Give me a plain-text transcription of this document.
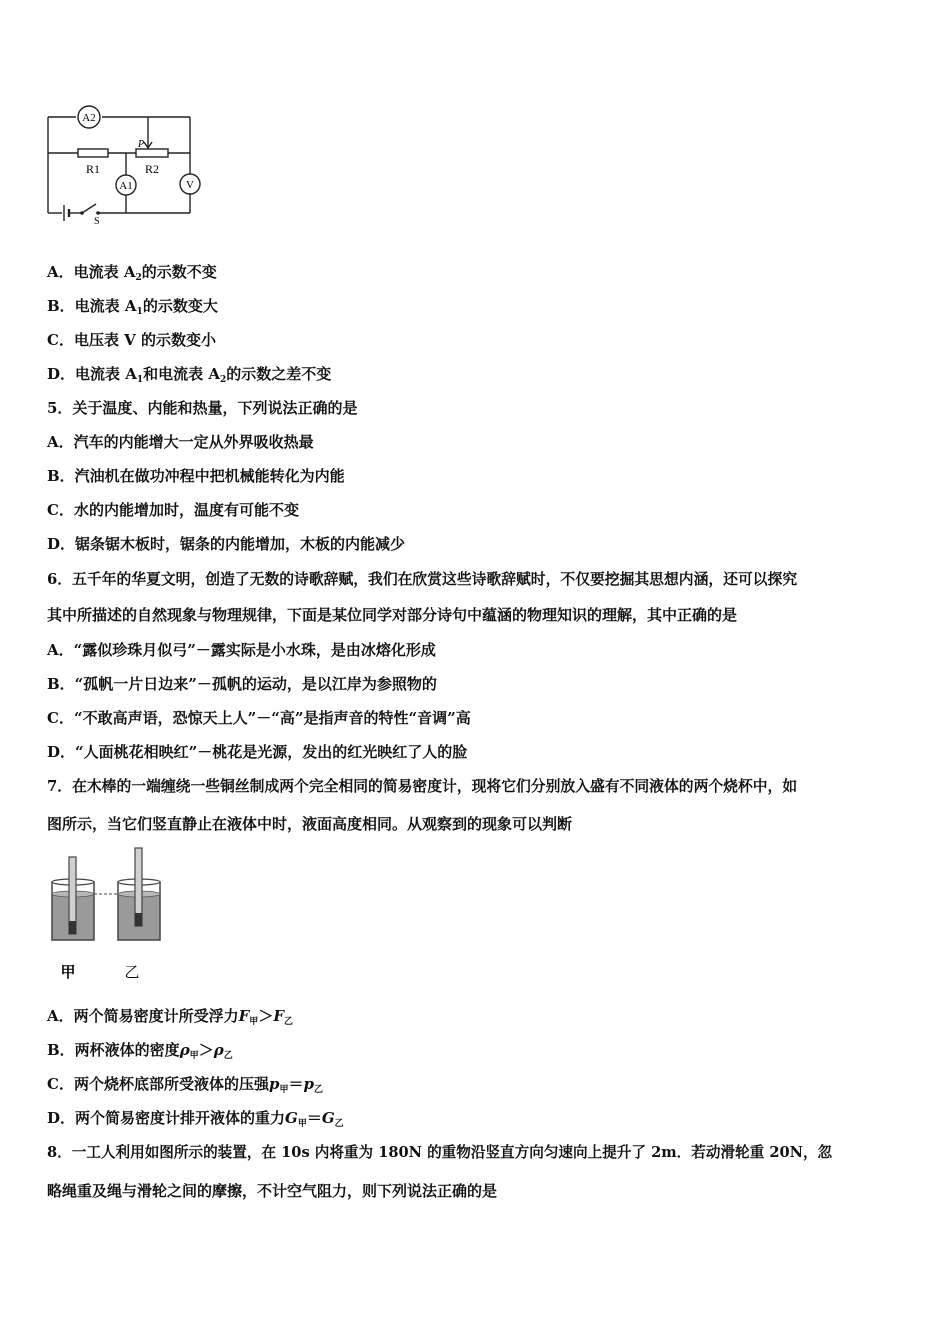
A2
A1	V
R1	R2
P
S
A．电流表 $A_2$的示数不变
B．电流表 $A_1$的示数变大
C．电压表 V 的示数变小
D．电流表 $A_1$和电流表 $A_2$的示数之差不变
5．关于温度、内能和热量，下列说法正确的是
A．汽车的内能增大一定从外界吸收热最
B．汽油机在做功冲程中把机械能转化为内能
C．水的内能增加时，温度有可能不变
D．锯条锯木板时，锯条的内能增加，木板的内能减少
6．五千年的华夏文明，创造了无数的诗歌辞赋，我们在欣赏这些诗歌辞赋时，不仅要挖掘其思想内涵，还可以探究
其中所描述的自然现象与物理规律，下面是某位同学对部分诗句中蕴涵的物理知识的理解，其中正确的是
A．“露似珍珠月似弓”－露实际是小水珠，是由冰熔化形成
B．“孤帆一片日边来”－孤帆的运动，是以江岸为参照物的
C．“不敢高声语，恐惊天上人”－“高”是指声音的特性“音调”高
D．“人面桃花相映红”－桃花是光源，发出的红光映红了人的脸
7．在木棒的一端缠绕一些铜丝制成两个完全相同的简易密度计，现将它们分别放入盛有不同液体的两个烧杯中，如
图所示，当它们竖直静止在液体中时，液面高度相同。从观察到的现象可以判断
甲	乙
A．两个简易密度计所受浮力$F_甲>F_乙$
B．两杯液体的密度$\rho_甲>\rho_乙$
C．两个烧杯底部所受液体的压强$p_甲=p_乙$
D．两个简易密度计排开液体的重力$G_甲=G_乙$
8．一工人利用如图所示的装置，在 10s 内将重为 180N 的重物沿竖直方向匀速向上提升了 2m．若动滑轮重 20N，忽
略绳重及绳与滑轮之间的摩擦，不计空气阻力，则下列说法正确的是
